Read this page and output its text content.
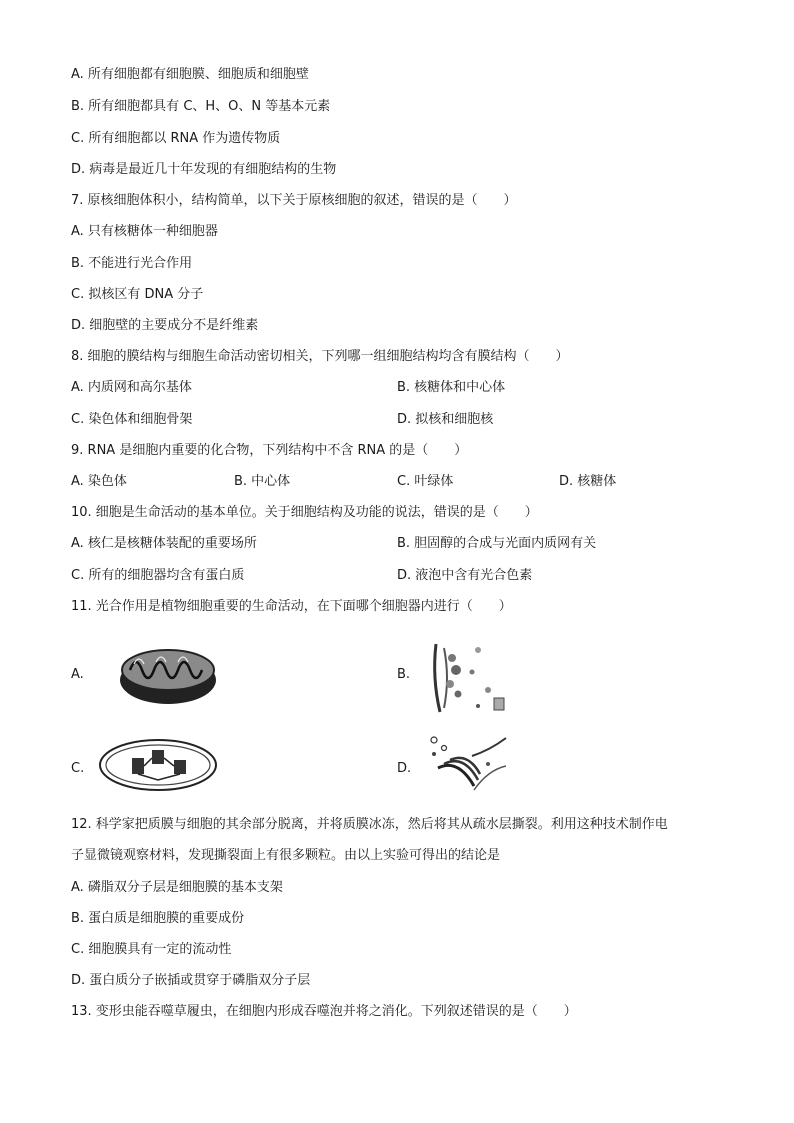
A. 所有细胞都有细胞膜、细胞质和细胞壁
B. 所有细胞都具有 C、H、O、N 等基本元素
C. 所有细胞都以 RNA 作为遗传物质
D. 病毒是最近几十年发现的有细胞结构的生物
7. 原核细胞体积小，结构简单，以下关于原核细胞的叙述，错误的是（　　）
A. 只有核糖体一种细胞器
B. 不能进行光合作用
C. 拟核区有 DNA 分子
D. 细胞壁的主要成分不是纤维素
8. 细胞的膜结构与细胞生命活动密切相关，下列哪一组细胞结构均含有膜结构（　　）
A. 内质网和高尔基体	B. 核糖体和中心体
C. 染色体和细胞骨架	D. 拟核和细胞核
9. RNA 是细胞内重要的化合物，下列结构中不含 RNA 的是（　　）
A. 染色体	B. 中心体	C. 叶绿体	D. 核糖体
10. 细胞是生命活动的基本单位。关于细胞结构及功能的说法，错误的是（　　）
A. 核仁是核糖体装配的重要场所	B. 胆固醇的合成与光面内质网有关
C. 所有的细胞器均含有蛋白质	D. 液泡中含有光合色素
11. 光合作用是植物细胞重要的生命活动，在下面哪个细胞器内进行（　　）
A.	B.
C.	D.
12. 科学家把质膜与细胞的其余部分脱离，并将质膜冰冻，然后将其从疏水层撕裂。利用这种技术制作电
子显微镜观察材料，发现撕裂面上有很多颗粒。由以上实验可得出的结论是
A. 磷脂双分子层是细胞膜的基本支架
B. 蛋白质是细胞膜的重要成份
C. 细胞膜具有一定的流动性
D. 蛋白质分子嵌插或贯穿于磷脂双分子层
13. 变形虫能吞噬草履虫，在细胞内形成吞噬泡并将之消化。下列叙述错误的是（　　）
